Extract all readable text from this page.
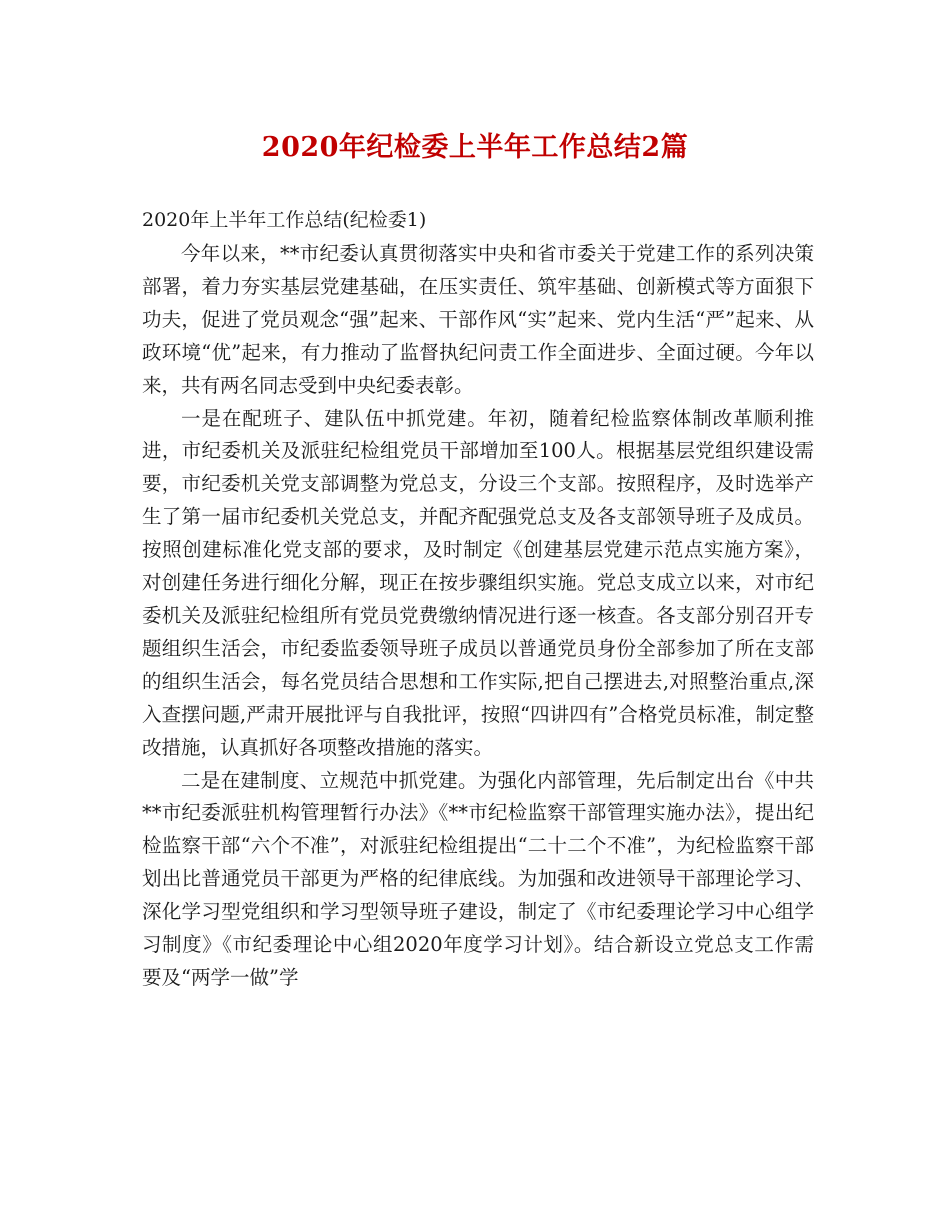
2020年纪检委上半年工作总结2篇

2020年上半年工作总结(纪检委1)

今年以来，**市纪委认真贯彻落实中央和省市委关于党建工作的系列决策部署，着力夯实基层党建基础，在压实责任、筑牢基础、创新模式等方面狠下功夫，促进了党员观念“强”起来、干部作风“实”起来、党内生活“严”起来、从政环境“优”起来，有力推动了监督执纪问责工作全面进步、全面过硬。今年以来，共有两名同志受到中央纪委表彰。

一是在配班子、建队伍中抓党建。年初，随着纪检监察体制改革顺利推进，市纪委机关及派驻纪检组党员干部增加至100人。根据基层党组织建设需要，市纪委机关党支部调整为党总支，分设三个支部。按照程序，及时选举产生了第一届市纪委机关党总支，并配齐配强党总支及各支部领导班子及成员。按照创建标准化党支部的要求，及时制定《创建基层党建示范点实施方案》，对创建任务进行细化分解，现正在按步骤组织实施。党总支成立以来，对市纪委机关及派驻纪检组所有党员党费缴纳情况进行逐一核查。各支部分别召开专题组织生活会，市纪委监委领导班子成员以普通党员身份全部参加了所在支部的组织生活会，每名党员结合思想和工作实际,把自己摆进去,对照整治重点,深入查摆问题,严肃开展批评与自我批评，按照“四讲四有”合格党员标准，制定整改措施，认真抓好各项整改措施的落实。

二是在建制度、立规范中抓党建。为强化内部管理，先后制定出台《中共**市纪委派驻机构管理暂行办法》《**市纪检监察干部管理实施办法》，提出纪检监察干部“六个不准”，对派驻纪检组提出“二十二个不准”，为纪检监察干部划出比普通党员干部更为严格的纪律底线。为加强和改进领导干部理论学习、深化学习型党组织和学习型领导班子建设，制定了《市纪委理论学习中心组学习制度》《市纪委理论中心组2020年度学习计划》。结合新设立党总支工作需要及“两学一做”学
